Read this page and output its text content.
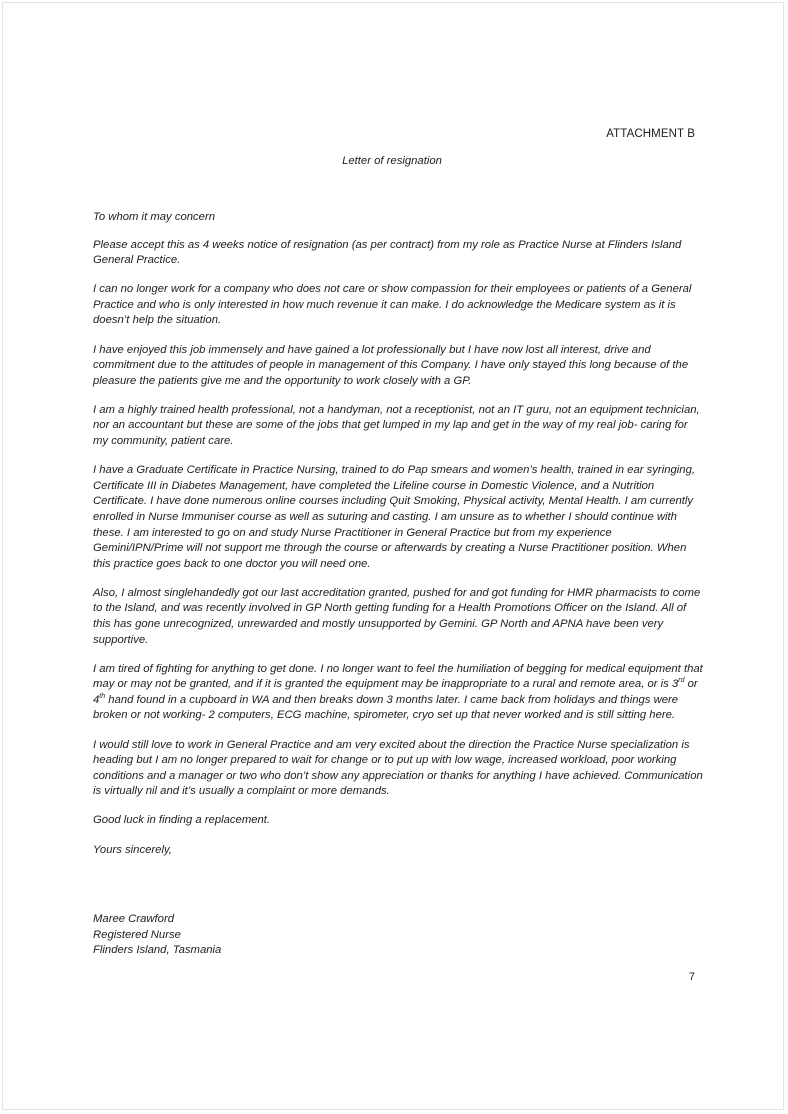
ATTACHMENT B
Letter of resignation

To whom it may concern

Please accept this as 4 weeks notice of resignation (as per contract) from my role as Practice Nurse at Flinders Island General Practice.

I can no longer work for a company who does not care or show compassion for their employees or patients of a General Practice and who is only interested in how much revenue it can make. I do acknowledge the Medicare system as it is doesn’t help the situation.

I have enjoyed this job immensely and have gained a lot professionally but I have now lost all interest, drive and commitment due to the attitudes of people in management of this Company. I have only stayed this long because of the pleasure the patients give me and the opportunity to work closely with a GP.

I am a highly trained health professional, not a handyman, not a receptionist, not an IT guru, not an equipment technician, nor an accountant but these are some of the jobs that get lumped in my lap and get in the way of my real job- caring for my community, patient care.

I have a Graduate Certificate in Practice Nursing, trained to do Pap smears and women’s health, trained in ear syringing, Certificate III in Diabetes Management, have completed the Lifeline course in Domestic Violence, and a Nutrition Certificate. I have done numerous online courses including Quit Smoking, Physical activity, Mental Health. I am currently enrolled in Nurse Immuniser course as well as suturing and casting. I am unsure as to whether I should continue with these. I am interested to go on and study Nurse Practitioner in General Practice but from my experience Gemini/IPN/Prime will not support me through the course or afterwards by creating a Nurse Practitioner position. When this practice goes back to one doctor you will need one.

Also, I almost singlehandedly got our last accreditation granted, pushed for and got funding for HMR pharmacists to come to the Island, and was recently involved in GP North getting funding for a Health Promotions Officer on the Island. All of this has gone unrecognized, unrewarded and mostly unsupported by Gemini. GP North and APNA have been very supportive.

I am tired of fighting for anything to get done. I no longer want to feel the humiliation of begging for medical equipment that may or may not be granted, and if it is granted the equipment may be inappropriate to a rural and remote area, or is 3rd or 4th hand found in a cupboard in WA and then breaks down 3 months later. I came back from holidays and things were broken or not working- 2 computers, ECG machine, spirometer, cryo set up that never worked and is still sitting here.

I would still love to work in General Practice and am very excited about the direction the Practice Nurse specialization is heading but I am no longer prepared to wait for change or to put up with low wage, increased workload, poor working conditions and a manager or two who don’t show any appreciation or thanks for anything I have achieved. Communication is virtually nil and it’s usually a complaint or more demands.

Good luck in finding a replacement.

Yours sincerely,

Maree Crawford
Registered Nurse
Flinders Island, Tasmania
7
